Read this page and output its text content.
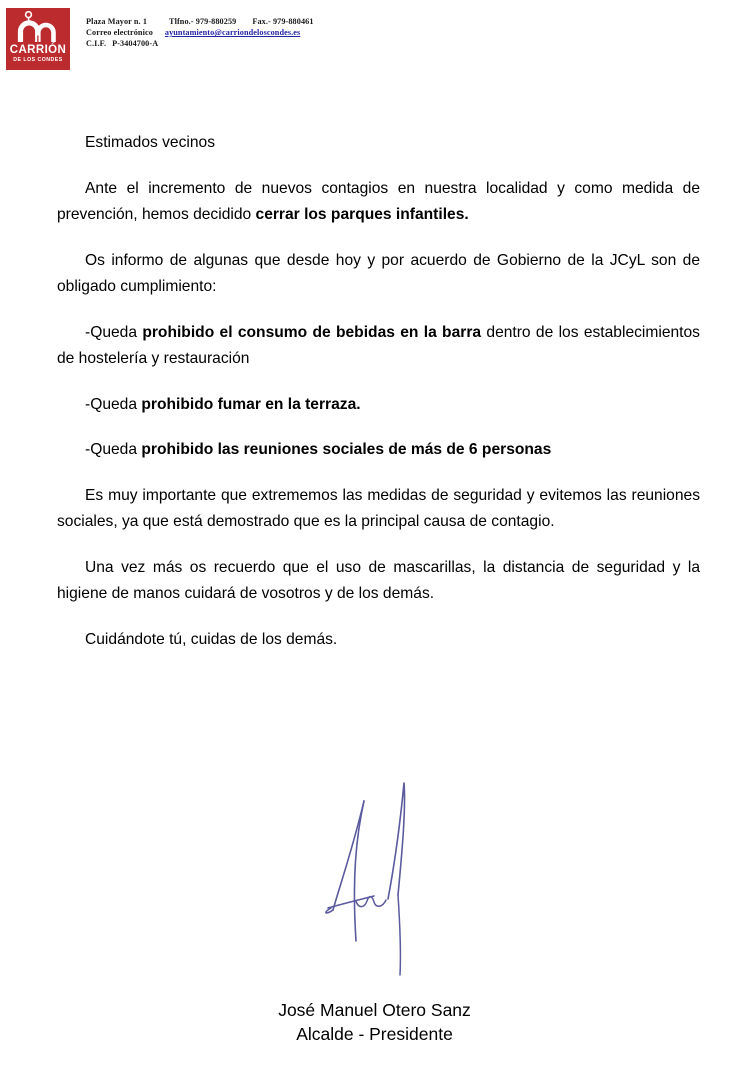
CARRIÓN
DE LOS CONDES
Plaza Mayor n. 1	Tlfno.- 979-880259 Fax.- 979-880461
Correo electrónico ayuntamiento@carriondeloscondes.es
C.I.F. P-3404700-A

Estimados vecinos

Ante el incremento de nuevos contagios en nuestra localidad y como medida de prevención, hemos decidido cerrar los parques infantiles.

Os informo de algunas que desde hoy y por acuerdo de Gobierno de la JCyL son de obligado cumplimiento:

-Queda prohibido el consumo de bebidas en la barra dentro de los establecimientos de hostelería y restauración

-Queda prohibido fumar en la terraza.

-Queda prohibido las reuniones sociales de más de 6 personas

Es muy importante que extrememos las medidas de seguridad y evitemos las reuniones sociales, ya que está demostrado que es la principal causa de contagio.

Una vez más os recuerdo que el uso de mascarillas, la distancia de seguridad y la higiene de manos cuidará de vosotros y de los demás.

Cuidándote tú, cuidas de los demás.

José Manuel Otero Sanz
Alcalde - Presidente
